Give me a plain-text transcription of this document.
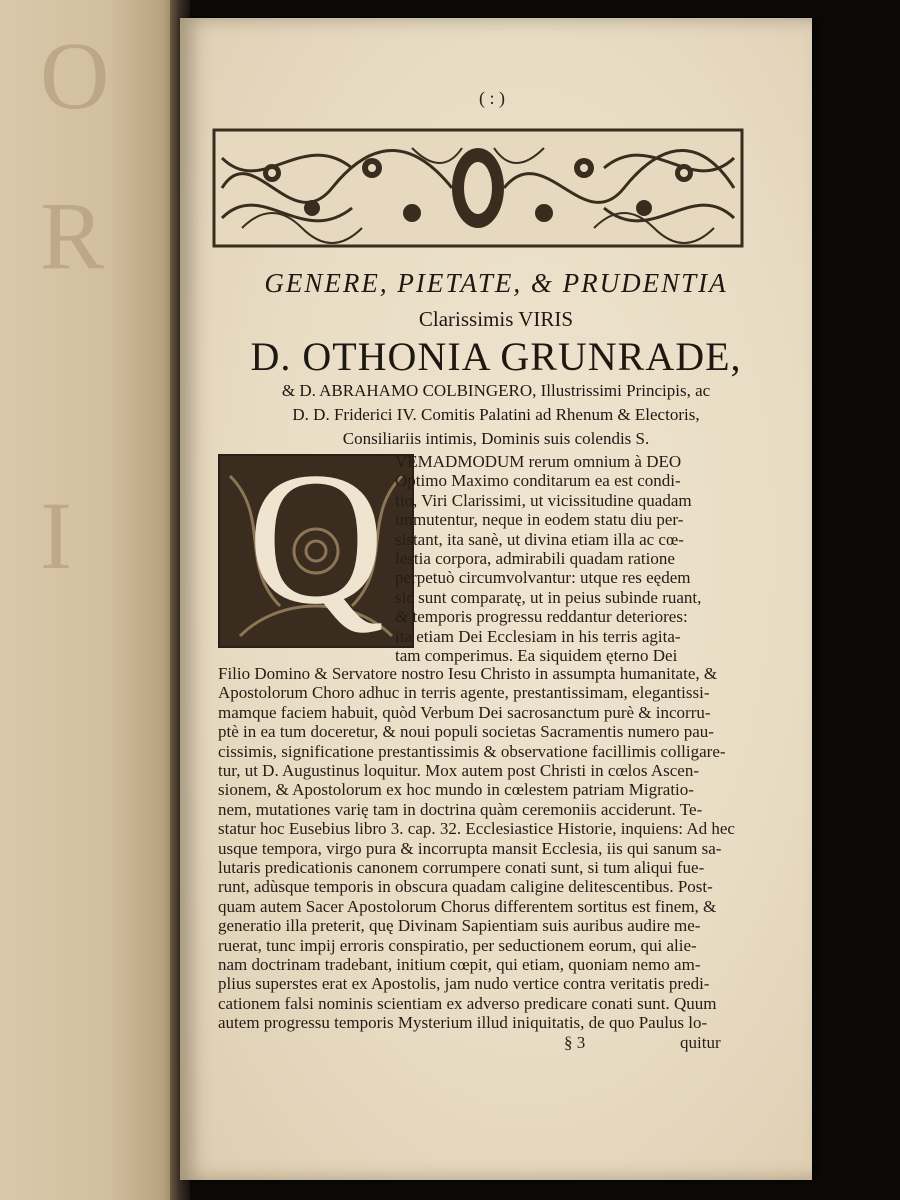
O
R
I
( : )
GENERE, PIETATE, & PRUDENTIA
Clarissimis VIRIS
D. OTHONIA GRUNRADE,
& D. ABRAHAMO COLBINGERO, Illustrissimi Principis, ac
D. D. Friderici IV. Comitis Palatini ad Rhenum & Electoris,
Consiliariis intimis, Dominis suis colendis S.
Q VEMADMODUM rerum omnium à DEO
Optimo Maximo conditarum ea est condi-
tio, Viri Clarissimi, ut vicissitudine quadam
immutentur, neque in eodem statu diu per-
sistant, ita sanè, ut divina etiam illa ac cœ-
lestia corpora, admirabili quadam ratione
perpetuò circumvolvantur: utque res eędem
sic sunt comparatę, ut in peius subinde ruant,
& temporis progressu reddantur deteriores:
ita etiam Dei Ecclesiam in his terris agita-
tam comperimus. Ea siquidem ęterno Dei
Filio Domino & Servatore nostro Iesu Christo in assumpta humanitate, &
Apostolorum Choro adhuc in terris agente, prestantissimam, elegantissi-
mamque faciem habuit, quòd Verbum Dei sacrosanctum purè & incorru-
ptè in ea tum doceretur, & noui populi societas Sacramentis numero pau-
cissimis, significatione prestantissimis & observatione facillimis colligare-
tur, ut D. Augustinus loquitur. Mox autem post Christi in cœlos Ascen-
sionem, & Apostolorum ex hoc mundo in cœlestem patriam Migratio-
nem, mutationes varię tam in doctrina quàm ceremoniis acciderunt. Te-
statur hoc Eusebius libro 3. cap. 32. Ecclesiastice Historie, inquiens: Ad hec
usque tempora, virgo pura & incorrupta mansit Ecclesia, iis qui sanum sa-
lutaris predicationis canonem corrumpere conati sunt, si tum aliqui fue-
runt, adùsque temporis in obscura quadam caligine delitescentibus. Post-
quam autem Sacer Apostolorum Chorus differentem sortitus est finem, &
generatio illa preterit, quę Divinam Sapientiam suis auribus audire me-
ruerat, tunc impij erroris conspiratio, per seductionem eorum, qui alie-
nam doctrinam tradebant, initium cœpit, qui etiam, quoniam nemo am-
plius superstes erat ex Apostolis, jam nudo vertice contra veritatis predi-
cationem falsi nominis scientiam ex adverso predicare conati sunt. Quum
autem progressu temporis Mysterium illud iniquitatis, de quo Paulus lo-
§ 3	quitur
